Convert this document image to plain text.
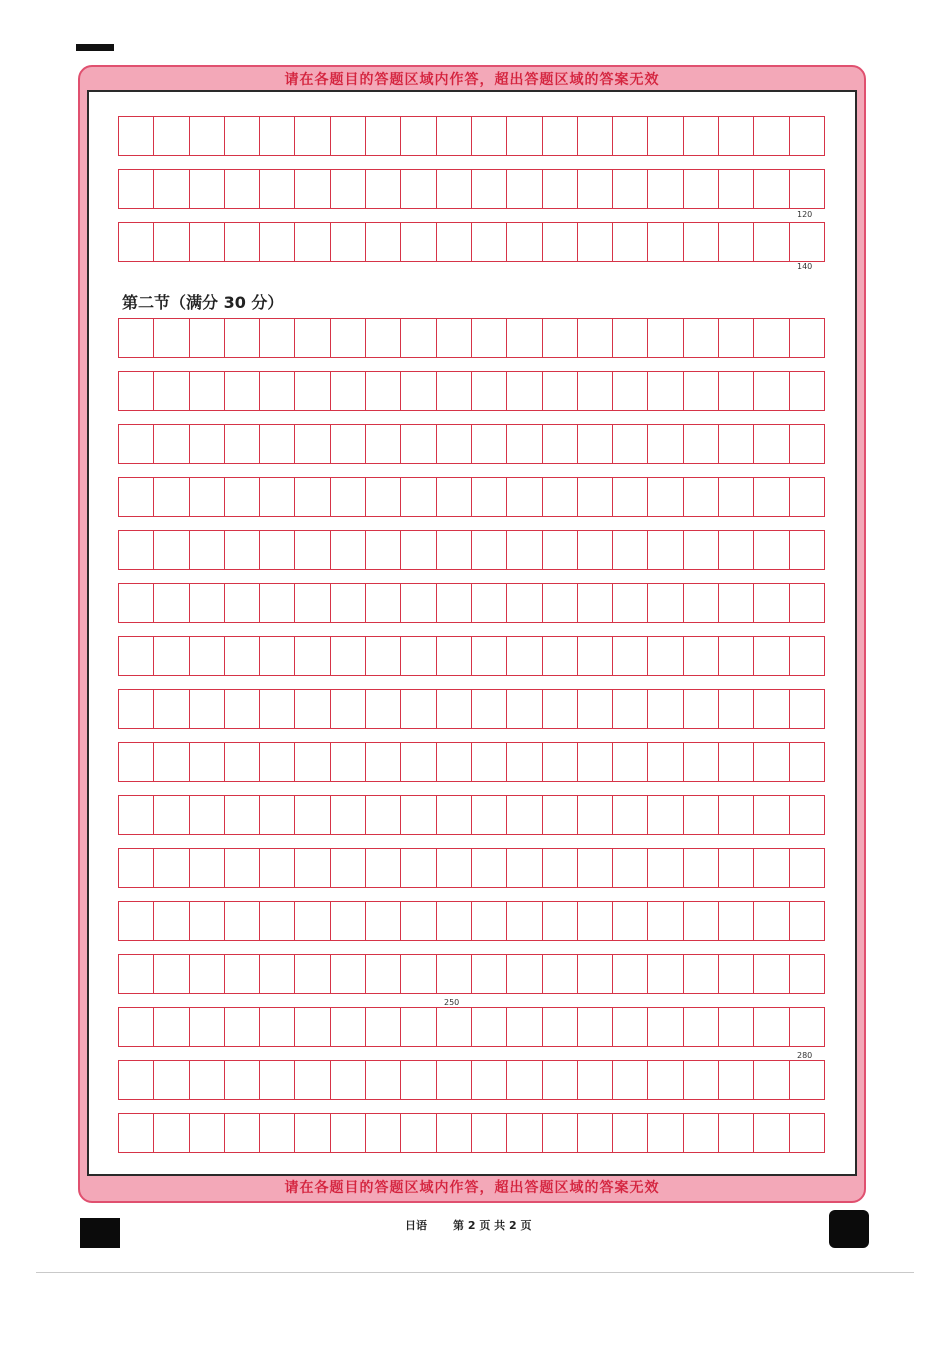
请在各题目的答题区域内作答，超出答题区域的答案无效
请在各题目的答题区域内作答，超出答题区域的答案无效
第二节（满分 30 分）
120
140
250
280
日语 第 2 页 共 2 页
